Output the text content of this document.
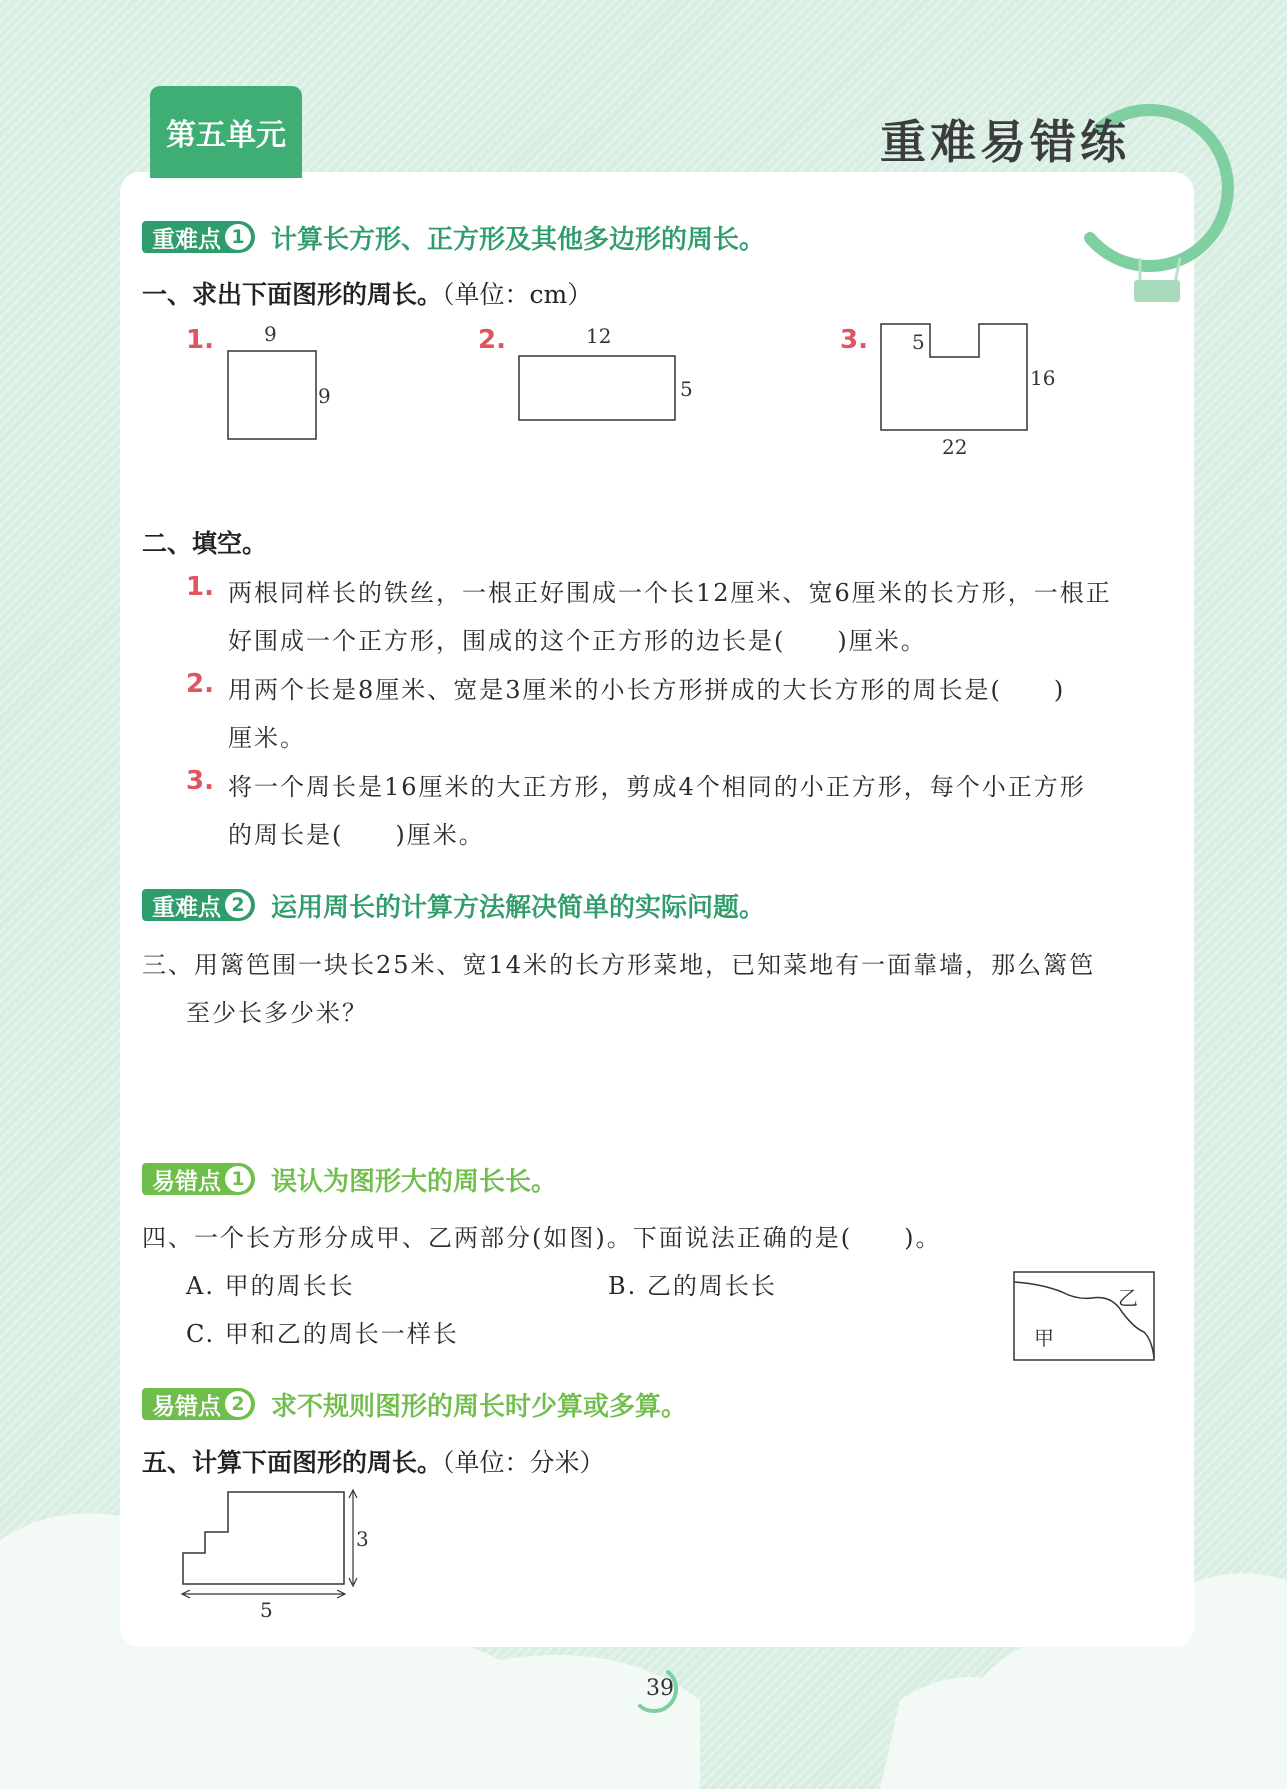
第五单元	重难易错练
重难点 1 计算长方形、正方形及其他多边形的周长。
一、求出下面图形的周长。（单位：cm）
1.	2.	3.
9
9
12
5
5
16
22
二、填空。
1. 两根同样长的铁丝，一根正好围成一个长12厘米、宽6厘米的长方形，一根正
好围成一个正方形，围成的这个正方形的边长是(　　)厘米。
2. 用两个长是8厘米、宽是3厘米的小长方形拼成的大长方形的周长是(　　)
厘米。
3. 将一个周长是16厘米的大正方形，剪成4个相同的小正方形，每个小正方形
的周长是(　　)厘米。
重难点 2 运用周长的计算方法解决简单的实际问题。
三、用篱笆围一块长25米、宽14米的长方形菜地，已知菜地有一面靠墙，那么篱笆
至少长多少米？
易错点 1 误认为图形大的周长长。
四、一个长方形分成甲、乙两部分(如图)。下面说法正确的是(　　)。
A. 甲的周长长	B. 乙的周长长
C. 甲和乙的周长一样长	甲
乙
易错点 2 求不规则图形的周长时少算或多算。
五、计算下面图形的周长。（单位：分米）
3
5
39
